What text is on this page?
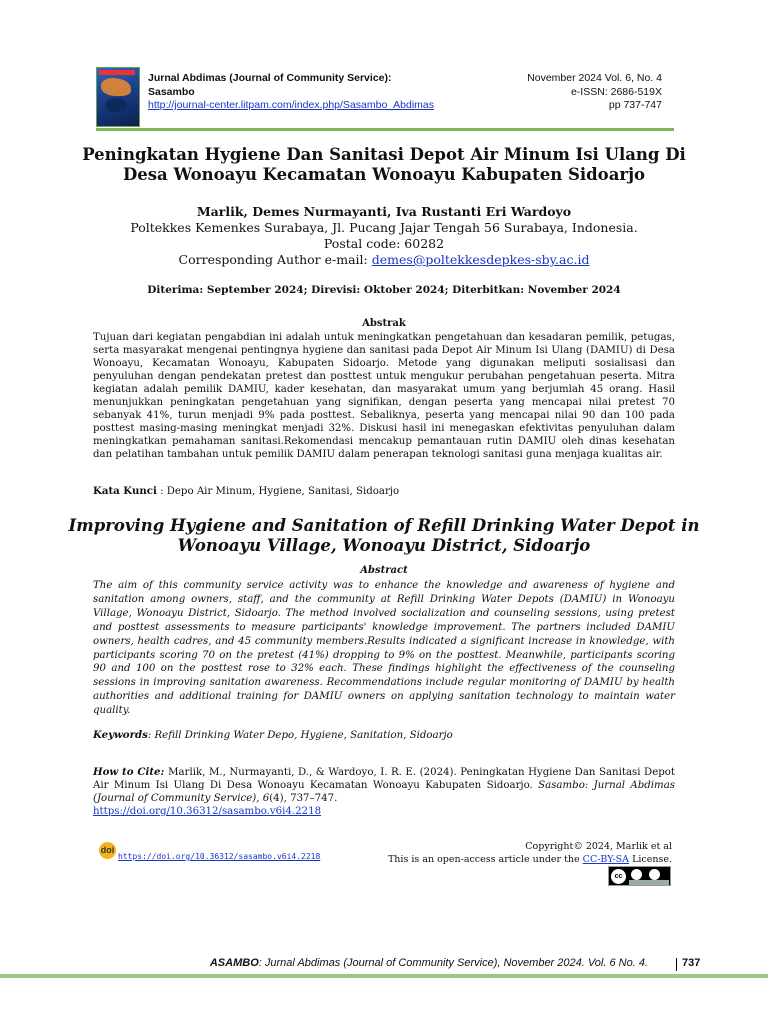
Jurnal Abdimas (Journal of Community Service):
Sasambo
http://journal-center.litpam.com/index.php/Sasambo_Abdimas
November 2024 Vol. 6, No. 4
e-ISSN: 2686-519X
pp 737-747
Peningkatan Hygiene Dan Sanitasi Depot Air Minum Isi Ulang Di Desa Wonoayu Kecamatan Wonoayu Kabupaten Sidoarjo
Marlik, Demes Nurmayanti, Iva Rustanti Eri Wardoyo
Poltekkes Kemenkes Surabaya, Jl. Pucang Jajar Tengah 56 Surabaya, Indonesia.
Postal code: 60282
Corresponding Author e-mail: demes@poltekkesdepkes-sby.ac.id
Diterima: September 2024; Direvisi: Oktober 2024; Diterbitkan: November 2024
Abstrak
Tujuan dari kegiatan pengabdian ini adalah untuk meningkatkan pengetahuan dan kesadaran pemilik, petugas, serta masyarakat mengenai pentingnya hygiene dan sanitasi pada Depot Air Minum Isi Ulang (DAMIU) di Desa Wonoayu, Kecamatan Wonoayu, Kabupaten Sidoarjo. Metode yang digunakan meliputi sosialisasi dan penyuluhan dengan pendekatan pretest dan posttest untuk mengukur perubahan pengetahuan peserta. Mitra kegiatan adalah pemilik DAMIU, kader kesehatan, dan masyarakat umum yang berjumlah 45 orang. Hasil menunjukkan peningkatan pengetahuan yang signifikan, dengan peserta yang mencapai nilai pretest 70 sebanyak 41%, turun menjadi 9% pada posttest. Sebaliknya, peserta yang mencapai nilai 90 dan 100 pada posttest masing-masing meningkat menjadi 32%. Diskusi hasil ini menegaskan efektivitas penyuluhan dalam meningkatkan pemahaman sanitasi.Rekomendasi mencakup pemantauan rutin DAMIU oleh dinas kesehatan dan pelatihan tambahan untuk pemilik DAMIU dalam penerapan teknologi sanitasi guna menjaga kualitas air.
Kata Kunci : Depo Air Minum, Hygiene, Sanitasi, Sidoarjo
Improving Hygiene and Sanitation of Refill Drinking Water Depot in Wonoayu Village, Wonoayu District, Sidoarjo
Abstract
The aim of this community service activity was to enhance the knowledge and awareness of hygiene and sanitation among owners, staff, and the community at Refill Drinking Water Depots (DAMIU) in Wonoayu Village, Wonoayu District, Sidoarjo. The method involved socialization and counseling sessions, using pretest and posttest assessments to measure participants' knowledge improvement. The partners included DAMIU owners, health cadres, and 45 community members.Results indicated a significant increase in knowledge, with participants scoring 70 on the pretest (41%) dropping to 9% on the posttest. Meanwhile, participants scoring 90 and 100 on the posttest rose to 32% each. These findings highlight the effectiveness of the counseling sessions in improving sanitation awareness. Recommendations include regular monitoring of DAMIU by health authorities and additional training for DAMIU owners on applying sanitation technology to maintain water quality.
Keywords: Refill Drinking Water Depo, Hygiene, Sanitation, Sidoarjo
How to Cite: Marlik, M., Nurmayanti, D., & Wardoyo, I. R. E. (2024). Peningkatan Hygiene Dan Sanitasi Depot Air Minum Isi Ulang Di Desa Wonoayu Kecamatan Wonoayu Kabupaten Sidoarjo. Sasambo: Jurnal Abdimas (Journal of Community Service), 6(4), 737–747.
https://doi.org/10.36312/sasambo.v6i4.2218
doi
https://doi.org/10.36312/sasambo.v6i4.2218
Copyright© 2024, Marlik et al
This is an open-access article under the CC-BY-SA License.
cc
ASAMBO: Jurnal Abdimas (Journal of Community Service), November 2024. Vol. 6 No. 4.	737
